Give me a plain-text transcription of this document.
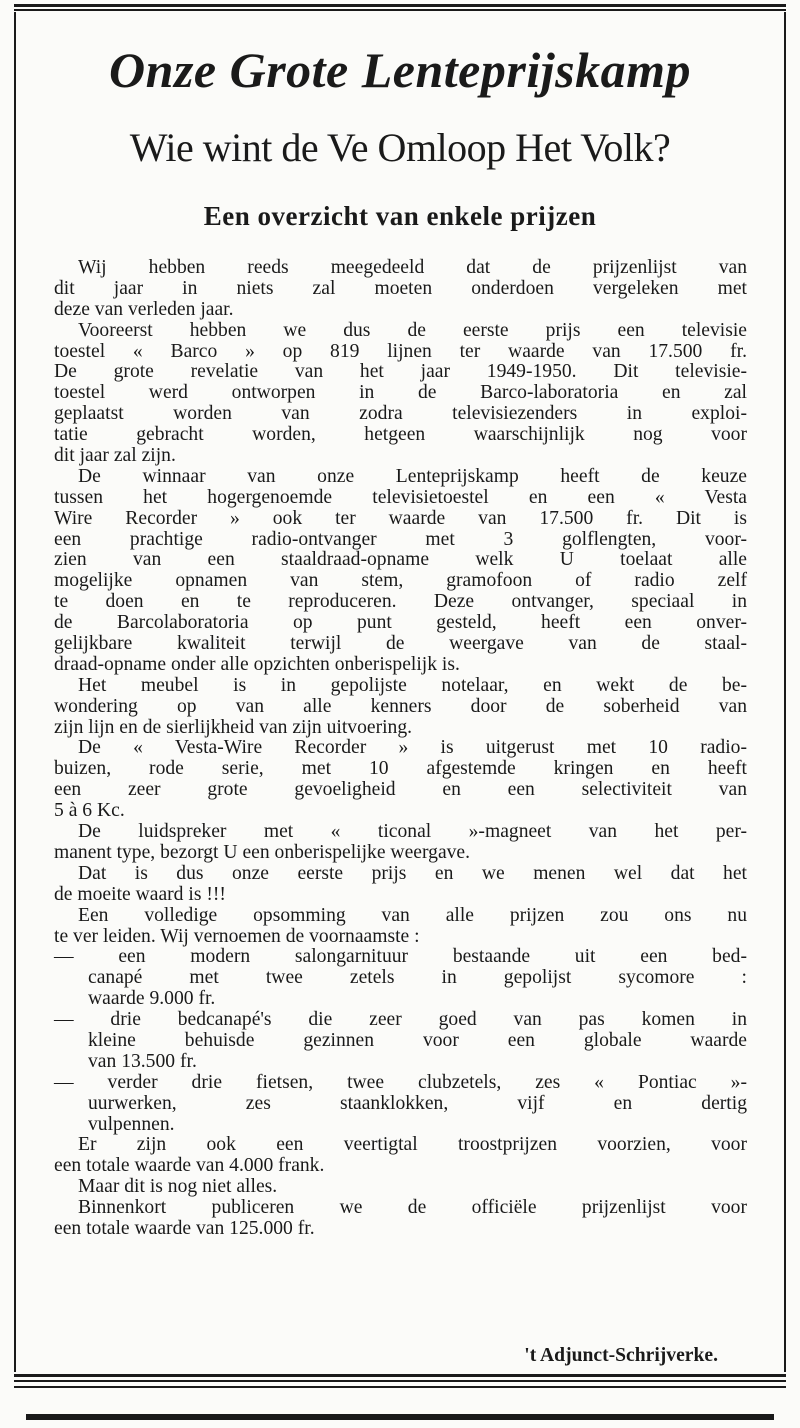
Onze Grote Lenteprijskamp
Wie wint de Ve Omloop Het Volk?
Een overzicht van enkele prijzen
Wij hebben reeds meegedeeld dat de prijzenlijst van
dit jaar in niets zal moeten onderdoen vergeleken met
deze van verleden jaar.
Vooreerst hebben we dus de eerste prijs een televisie
toestel « Barco » op 819 lijnen ter waarde van 17.500 fr.
De grote revelatie van het jaar 1949-1950. Dit televisie-
toestel werd ontworpen in de Barco-laboratoria en zal
geplaatst worden van zodra televisiezenders in exploi-
tatie gebracht worden, hetgeen waarschijnlijk nog voor
dit jaar zal zijn.
De winnaar van onze Lenteprijskamp heeft de keuze
tussen het hogergenoemde televisietoestel en een « Vesta
Wire Recorder » ook ter waarde van 17.500 fr. Dit is
een prachtige radio-ontvanger met 3 golflengten, voor-
zien van een staaldraad-opname welk U toelaat alle
mogelijke opnamen van stem, gramofoon of radio zelf
te doen en te reproduceren. Deze ontvanger, speciaal in
de Barcolaboratoria op punt gesteld, heeft een onver-
gelijkbare kwaliteit terwijl de weergave van de staal-
draad-opname onder alle opzichten onberispelijk is.
Het meubel is in gepolijste notelaar, en wekt de be-
wondering op van alle kenners door de soberheid van
zijn lijn en de sierlijkheid van zijn uitvoering.
De « Vesta-Wire Recorder » is uitgerust met 10 radio-
buizen, rode serie, met 10 afgestemde kringen en heeft
een zeer grote gevoeligheid en een selectiviteit van
5 à 6 Kc.
De luidspreker met « ticonal »-magneet van het per-
manent type, bezorgt U een onberispelijke weergave.
Dat is dus onze eerste prijs en we menen wel dat het
de moeite waard is !!!
Een volledige opsomming van alle prijzen zou ons nu
te ver leiden. Wij vernoemen de voornaamste :
— een modern salongarnituur bestaande uit een bed-
canapé met twee zetels in gepolijst sycomore :
waarde 9.000 fr.
— drie bedcanapé's die zeer goed van pas komen in
kleine behuisde gezinnen voor een globale waarde
van 13.500 fr.
— verder drie fietsen, twee clubzetels, zes « Pontiac »-
uurwerken, zes staanklokken, vijf en dertig
vulpennen.
Er zijn ook een veertigtal troostprijzen voorzien, voor
een totale waarde van 4.000 frank.
Maar dit is nog niet alles.
Binnenkort publiceren we de officiële prijzenlijst voor
een totale waarde van 125.000 fr.
't Adjunct-Schrijverke.
